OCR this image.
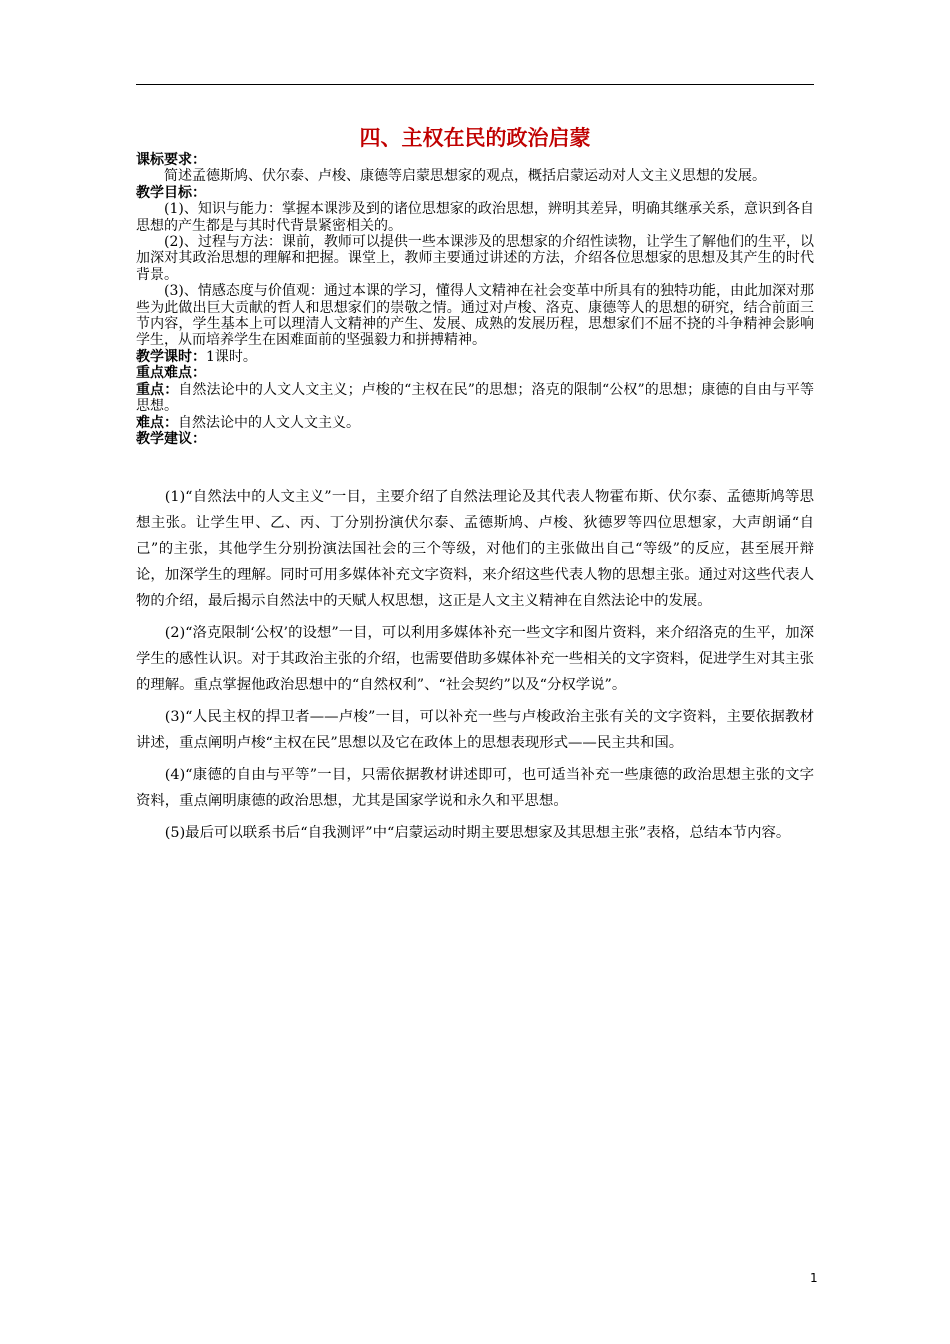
四、主权在民的政治启蒙

课标要求：

简述孟德斯鸠、伏尔泰、卢梭、康德等启蒙思想家的观点，概括启蒙运动对人文主义思想的发展。

教学目标：

(1)、知识与能力：掌握本课涉及到的诸位思想家的政治思想，辨明其差异，明确其继承关系，意识到各自思想的产生都是与其时代背景紧密相关的。

(2)、过程与方法：课前，教师可以提供一些本课涉及的思想家的介绍性读物，让学生了解他们的生平，以加深对其政治思想的理解和把握。课堂上，教师主要通过讲述的方法，介绍各位思想家的思想及其产生的时代背景。

(3)、情感态度与价值观：通过本课的学习，懂得人文精神在社会变革中所具有的独特功能，由此加深对那些为此做出巨大贡献的哲人和思想家们的崇敬之情。通过对卢梭、洛克、康德等人的思想的研究，结合前面三节内容，学生基本上可以理清人文精神的产生、发展、成熟的发展历程，思想家们不屈不挠的斗争精神会影响学生，从而培养学生在困难面前的坚强毅力和拼搏精神。

教学课时：1课时。

重点难点：

重点：自然法论中的人文人文主义；卢梭的“主权在民”的思想；洛克的限制“公权”的思想；康德的自由与平等思想。

难点：自然法论中的人文人文主义。

教学建议：

(1)“自然法中的人文主义”一目，主要介绍了自然法理论及其代表人物霍布斯、伏尔泰、孟德斯鸠等思想主张。让学生甲、乙、丙、丁分别扮演伏尔泰、孟德斯鸠、卢梭、狄德罗等四位思想家，大声朗诵“自己”的主张，其他学生分别扮演法国社会的三个等级，对他们的主张做出自己“等级”的反应，甚至展开辩论，加深学生的理解。同时可用多媒体补充文字资料，来介绍这些代表人物的思想主张。通过对这些代表人物的介绍，最后揭示自然法中的天赋人权思想，这正是人文主义精神在自然法论中的发展。

(2)“洛克限制‘公权’的设想”一目，可以利用多媒体补充一些文字和图片资料，来介绍洛克的生平，加深学生的感性认识。对于其政治主张的介绍，也需要借助多媒体补充一些相关的文字资料，促进学生对其主张的理解。重点掌握他政治思想中的“自然权利”、“社会契约”以及“分权学说”。

(3)“人民主权的捍卫者——卢梭”一目，可以补充一些与卢梭政治主张有关的文字资料，主要依据教材讲述，重点阐明卢梭“主权在民”思想以及它在政体上的思想表现形式——民主共和国。

(4)“康德的自由与平等”一目，只需依据教材讲述即可，也可适当补充一些康德的政治思想主张的文字资料，重点阐明康德的政治思想，尤其是国家学说和永久和平思想。

(5)最后可以联系书后“自我测评”中“启蒙运动时期主要思想家及其思想主张”表格，总结本节内容。

1
